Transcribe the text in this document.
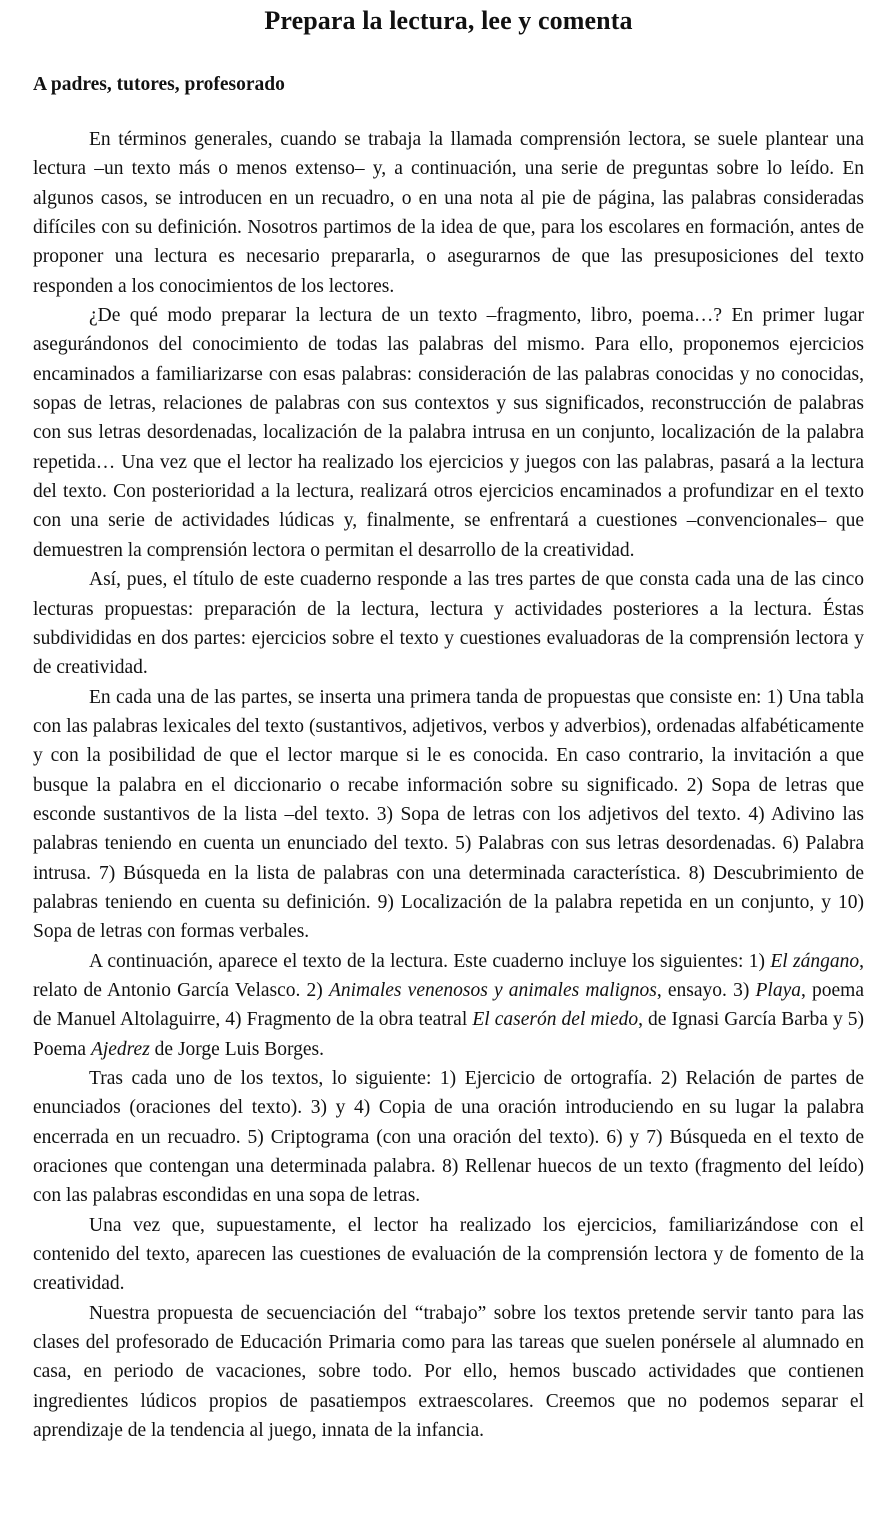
Prepara la lectura, lee y comenta
A padres, tutores, profesorado

En términos generales, cuando se trabaja la llamada comprensión lectora, se suele plantear una lectura –un texto más o menos extenso– y, a continuación, una serie de preguntas sobre lo leído. En algunos casos, se introducen en un recuadro, o en una nota al pie de página, las palabras consideradas difíciles con su definición. Nosotros partimos de la idea de que, para los escolares en formación, antes de proponer una lectura es necesario prepararla, o asegurarnos de que las presuposiciones del texto responden a los conocimientos de los lectores.

¿De qué modo preparar la lectura de un texto –fragmento, libro, poema…? En primer lugar asegurándonos del conocimiento de todas las palabras del mismo. Para ello, proponemos ejercicios encaminados a familiarizarse con esas palabras: consideración de las palabras conocidas y no conocidas, sopas de letras, relaciones de palabras con sus contextos y sus significados, reconstrucción de palabras con sus letras desordenadas, localización de la palabra intrusa en un conjunto, localización de la palabra repetida… Una vez que el lector ha realizado los ejercicios y juegos con las palabras, pasará a la lectura del texto. Con posterioridad a la lectura, realizará otros ejercicios encaminados a profundizar en el texto con una serie de actividades lúdicas y, finalmente, se enfrentará a cuestiones –convencionales– que demuestren la comprensión lectora o permitan el desarrollo de la creatividad.

Así, pues, el título de este cuaderno responde a las tres partes de que consta cada una de las cinco lecturas propuestas: preparación de la lectura, lectura y actividades posteriores a la lectura. Éstas subdivididas en dos partes: ejercicios sobre el texto y cuestiones evaluadoras de la comprensión lectora y de creatividad.

En cada una de las partes, se inserta una primera tanda de propuestas que consiste en: 1) Una tabla con las palabras lexicales del texto (sustantivos, adjetivos, verbos y adverbios), ordenadas alfabéticamente y con la posibilidad de que el lector marque si le es conocida. En caso contrario, la invitación a que busque la palabra en el diccionario o recabe información sobre su significado. 2) Sopa de letras que esconde sustantivos de la lista –del texto. 3) Sopa de letras con los adjetivos del texto. 4) Adivino las palabras teniendo en cuenta un enunciado del texto. 5) Palabras con sus letras desordenadas. 6) Palabra intrusa. 7) Búsqueda en la lista de palabras con una determinada característica. 8) Descubrimiento de palabras teniendo en cuenta su definición. 9) Localización de la palabra repetida en un conjunto, y 10) Sopa de letras con formas verbales.

A continuación, aparece el texto de la lectura. Este cuaderno incluye los siguientes: 1) El zángano, relato de Antonio García Velasco. 2) Animales venenosos y animales malignos, ensayo. 3) Playa, poema de Manuel Altolaguirre, 4) Fragmento de la obra teatral El caserón del miedo, de Ignasi García Barba y 5) Poema Ajedrez de Jorge Luis Borges.

Tras cada uno de los textos, lo siguiente: 1) Ejercicio de ortografía. 2) Relación de partes de enunciados (oraciones del texto). 3) y 4) Copia de una oración introduciendo en su lugar la palabra encerrada en un recuadro. 5) Criptograma (con una oración del texto). 6) y 7) Búsqueda en el texto de oraciones que contengan una determinada palabra. 8) Rellenar huecos de un texto (fragmento del leído) con las palabras escondidas en una sopa de letras.

Una vez que, supuestamente, el lector ha realizado los ejercicios, familiarizándose con el contenido del texto, aparecen las cuestiones de evaluación de la comprensión lectora y de fomento de la creatividad.

Nuestra propuesta de secuenciación del “trabajo” sobre los textos pretende servir tanto para las clases del profesorado de Educación Primaria como para las tareas que suelen ponérsele al alumnado en casa, en periodo de vacaciones, sobre todo. Por ello, hemos buscado actividades que contienen ingredientes lúdicos propios de pasatiempos extraescolares. Creemos que no podemos separar el aprendizaje de la tendencia al juego, innata de la infancia.
